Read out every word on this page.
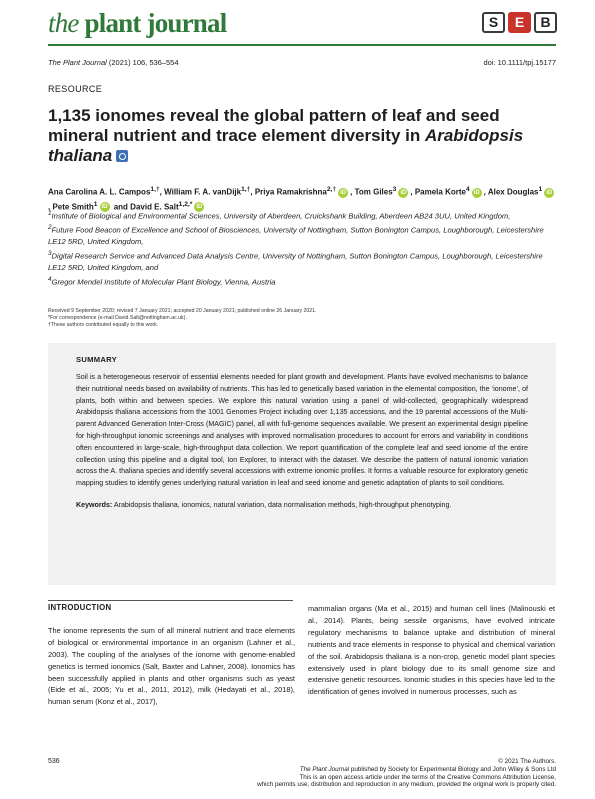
the plant journal	S	E	B
The Plant Journal (2021) 106, 536–554	doi: 10.1111/tpj.15177
RESOURCE
1,135 ionomes reveal the global pattern of leaf and seed mineral nutrient and trace element diversity in Arabidopsis thaliana
Ana Carolina A. L. Campos$^{1,\dagger}$, William F. A. vanDijk$^{1,\dagger}$, Priya Ramakrishna$^{2,\dagger}$ iD , Tom Giles$^3$ iD , Pamela Korte$^4$ iD , Alex Douglas$^1$ iD, Pete Smith$^1$ iD and David E. Salt$^{1,2,*}$ iD

$^1$Institute of Biological and Environmental Sciences, University of Aberdeen, Cruickshank Building, Aberdeen AB24 3UU, United Kingdom,

$^2$Future Food Beacon of Excellence and School of Biosciences, University of Nottingham, Sutton Bonington Campus, Loughborough, Leicestershire LE12 5RD, United Kingdom,

$^3$Digital Research Service and Advanced Data Analysis Centre, University of Nottingham, Sutton Bonington Campus, Loughborough, Leicestershire LE12 5RD, United Kingdom, and

$^4$Gregor Mendel Institute of Molecular Plant Biology, Vienna, Austria

Received 9 September 2020; revised 7 January 2021; accepted 20 January 2021; published online 26 January 2021.
*For correspondence (e-mail David.Salt@nottingham.ac.uk).
†These authors contributed equally to this work.
SUMMARY
Soil is a heterogeneous reservoir of essential elements needed for plant growth and development. Plants have evolved mechanisms to balance their nutritional needs based on availability of nutrients. This has led to genetically based variation in the elemental composition, the ‘ionome’, of plants, both within and between species. We explore this natural variation using a panel of wild-collected, geographically widespread Arabidopsis thaliana accessions from the 1001 Genomes Project including over 1,135 accessions, and the 19 parental accessions of the Multi-parent Advanced Generation Inter-Cross (MAGIC) panel, all with full-genome sequences available. We present an experimental design pipeline for high-throughput ionomic screenings and analyses with improved normalisation procedures to account for errors and variability in conditions often encountered in large-scale, high-throughput data collection. We report quantification of the complete leaf and seed ionome of the entire collection using this pipeline and a digital tool, Ion Explorer, to interact with the dataset. We describe the pattern of natural ionomic variation across the A. thaliana species and identify several accessions with extreme ionomic profiles. It forms a valuable resource for exploratory genetic mapping studies to identify genes underlying natural variation in leaf and seed ionome and genetic adaptation of plants to soil conditions.
Keywords: Arabidopsis thaliana, ionomics, natural variation, data normalisation methods, high-throughput phenotyping.
INTRODUCTION
The ionome represents the sum of all mineral nutrient and trace elements of biological or environmental importance in an organism (Lahner et al., 2003). The coupling of the analyses of the ionome with genome-enabled genetics is termed ionomics (Salt, Baxter and Lahner, 2008). Ionomics has been successfully applied in plants and other organisms such as yeast (Eide et al., 2005; Yu et al., 2011, 2012), milk (Hedayati et al., 2018), human serum (Konz et al., 2017),
mammalian organs (Ma et al., 2015) and human cell lines (Malinouski et al., 2014). Plants, being sessile organisms, have evolved intricate regulatory mechanisms to balance uptake and distribution of mineral nutrients and trace elements in response to physical and chemical variation of the soil. Arabidopsis thaliana is a non-crop, genetic model plant species extensively used in plant biology due to its small genome size and extensive genetic resources. Ionomic studies in this species have led to the identification of genes involved in numerous processes, such as
536	© 2021 The Authors.
The Plant Journal published by Society for Experimental Biology and John Wiley & Sons Ltd
This is an open access article under the terms of the Creative Commons Attribution License,
which permits use, distribution and reproduction in any medium, provided the original work is properly cited.
